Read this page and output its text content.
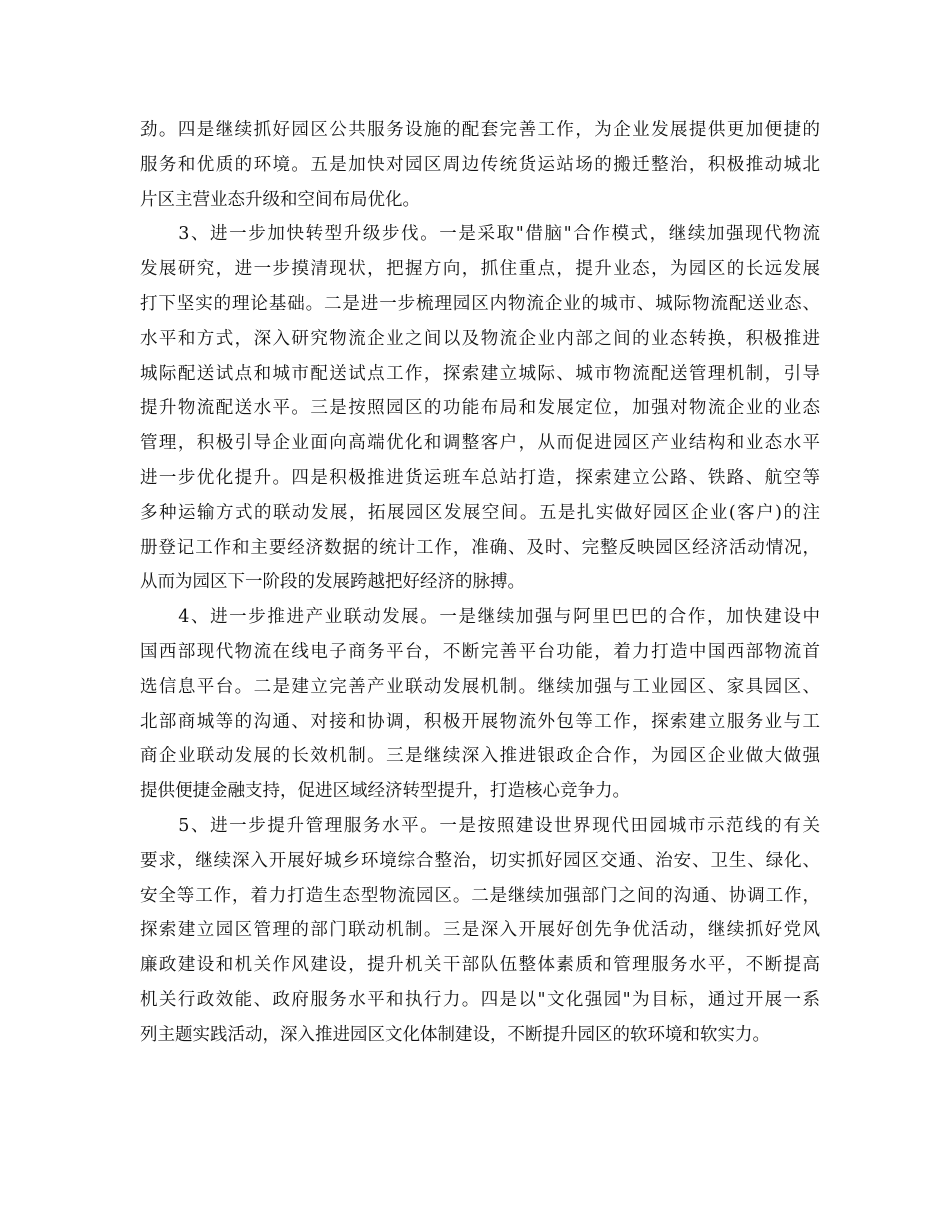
劲。四是继续抓好园区公共服务设施的配套完善工作，为企业发展提供更加便捷的
服务和优质的环境。五是加快对园区周边传统货运站场的搬迁整治，积极推动城北
片区主营业态升级和空间布局优化。
　　3、进一步加快转型升级步伐。一是采取"借脑"合作模式，继续加强现代物流
发展研究，进一步摸清现状，把握方向，抓住重点，提升业态，为园区的长远发展
打下坚实的理论基础。二是进一步梳理园区内物流企业的城市、城际物流配送业态、
水平和方式，深入研究物流企业之间以及物流企业内部之间的业态转换，积极推进
城际配送试点和城市配送试点工作，探索建立城际、城市物流配送管理机制，引导
提升物流配送水平。三是按照园区的功能布局和发展定位，加强对物流企业的业态
管理，积极引导企业面向高端优化和调整客户，从而促进园区产业结构和业态水平
进一步优化提升。四是积极推进货运班车总站打造，探索建立公路、铁路、航空等
多种运输方式的联动发展，拓展园区发展空间。五是扎实做好园区企业(客户)的注
册登记工作和主要经济数据的统计工作，准确、及时、完整反映园区经济活动情况，
从而为园区下一阶段的发展跨越把好经济的脉搏。
　　4、进一步推进产业联动发展。一是继续加强与阿里巴巴的合作，加快建设中
国西部现代物流在线电子商务平台，不断完善平台功能，着力打造中国西部物流首
选信息平台。二是建立完善产业联动发展机制。继续加强与工业园区、家具园区、
北部商城等的沟通、对接和协调，积极开展物流外包等工作，探索建立服务业与工
商企业联动发展的长效机制。三是继续深入推进银政企合作，为园区企业做大做强
提供便捷金融支持，促进区域经济转型提升，打造核心竞争力。
　　5、进一步提升管理服务水平。一是按照建设世界现代田园城市示范线的有关
要求，继续深入开展好城乡环境综合整治，切实抓好园区交通、治安、卫生、绿化、
安全等工作，着力打造生态型物流园区。二是继续加强部门之间的沟通、协调工作，
探索建立园区管理的部门联动机制。三是深入开展好创先争优活动，继续抓好党风
廉政建设和机关作风建设，提升机关干部队伍整体素质和管理服务水平，不断提高
机关行政效能、政府服务水平和执行力。四是以"文化强园"为目标，通过开展一系
列主题实践活动，深入推进园区文化体制建设，不断提升园区的软环境和软实力。
